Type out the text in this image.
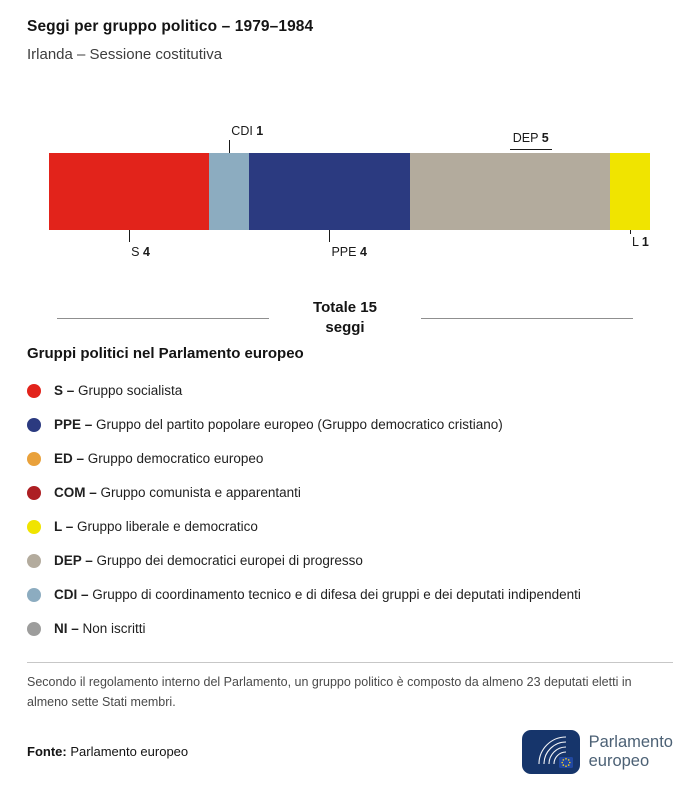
Seggi per gruppo politico – 1979–1984
Irlanda – Sessione costitutiva
S 4
CDI 1
PPE 4
DEP 5
L 1
Totale 15
seggi
Gruppi politici nel Parlamento europeo
S – Gruppo socialista
PPE – Gruppo del partito popolare europeo (Gruppo democratico cristiano)
ED – Gruppo democratico europeo
COM – Gruppo comunista e apparentanti
L – Gruppo liberale e democratico
DEP – Gruppo dei democratici europei di progresso
CDI – Gruppo di coordinamento tecnico e di difesa dei gruppi e dei deputati indipendenti
NI – Non iscritti

Secondo il regolamento interno del Parlamento, un gruppo politico è composto da almeno 23 deputati eletti in almeno sette Stati membri.

Fonte: Parlamento europeo
Parlamento
europeo
